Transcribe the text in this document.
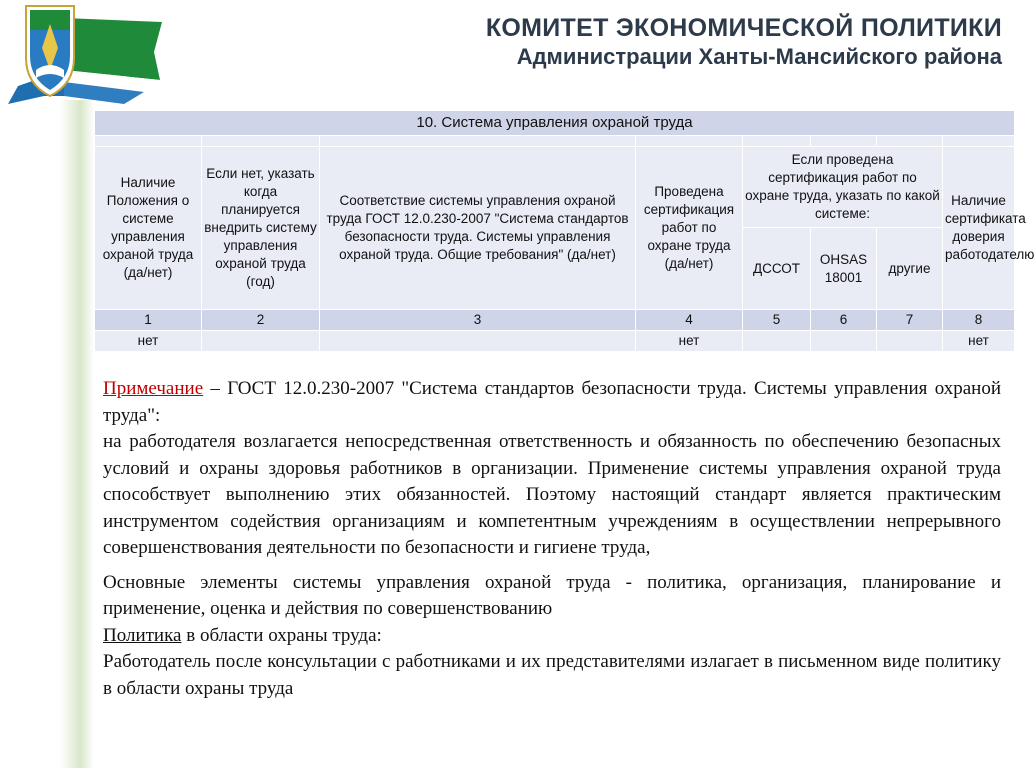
КОМИТЕТ ЭКОНОМИЧЕСКОЙ ПОЛИТИКИ
Администрации Ханты-Мансийского района
10. Система управления охраной труда							

Наличие Положения о системе управления охраной труда (да/нет)	Если нет, указать когда планируется внедрить систему управления охраной труда (год)	Соответствие системы управления охраной труда ГОСТ 12.0.230-2007 "Система стандартов безопасности труда. Системы управления охраной труда. Общие требования" (да/нет)	Проведена сертификация работ по охране труда (да/нет)	Если проведена сертификация работ по охране труда, указать по какой системе:			Наличие сертификата доверия работодателю
				ДССОТ	OHSAS 18001	другие	
1	2	3	4	5	6	7	8
нет			нет				нет

Примечание – ГОСТ 12.0.230-2007 "Система стандартов безопасности труда. Системы управления охраной труда":

на работодателя возлагается непосредственная ответственность и обязанность по обеспечению безопасных условий и охраны здоровья работников в организации. Применение системы управления охраной труда способствует выполнению этих обязанностей. Поэтому настоящий стандарт является практическим инструментом содействия организациям и компетентным учреждениям в осуществлении непрерывного совершенствования деятельности по безопасности и гигиене труда,

Основные элементы системы управления охраной труда - политика, организация, планирование и применение, оценка и действия по совершенствованию

Политика в области охраны труда:

Работодатель после консультации с работниками и их представителями излагает в письменном виде политику в области охраны труда
